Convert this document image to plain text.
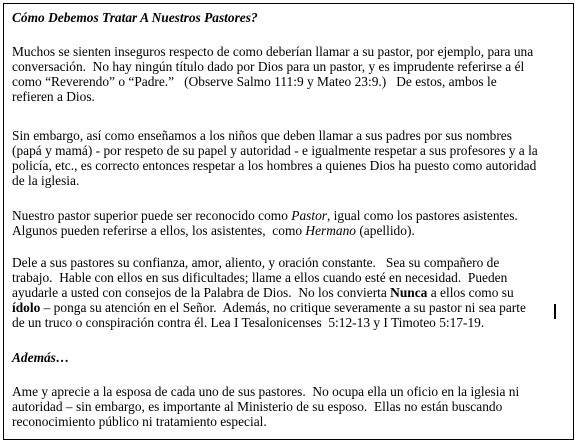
Cómo Debemos Tratar A Nuestros Pastores?
Muchos se sienten inseguros respecto de como deberían llamar a su pastor, por ejemplo, para una
conversación.  No hay ningún título dado por Dios para un pastor, y es imprudente referirse a él
como “Reverendo” o “Padre.”   (Observe Salmo 111:9 y Mateo 23:9.)   De estos, ambos le
refieren a Dios.
Sin embargo, así como enseñamos a los niños que deben llamar a sus padres por sus nombres
(papá y mamá) - por respeto de su papel y autoridad - e igualmente respetar a sus profesores y a la
policía, etc., es correcto entonces respetar a los hombres a quienes Dios ha puesto como autoridad
de la iglesia.
Nuestro pastor superior puede ser reconocido como Pastor, igual como los pastores asistentes.
Algunos pueden referirse a ellos, los asistentes,  como Hermano (apellido).
Dele a sus pastores su confianza, amor, aliento, y oración constante.   Sea su compañero de
trabajo.  Hable con ellos en sus dificultades; llame a ellos cuando esté en necesidad.  Pueden
ayudarle a usted con consejos de la Palabra de Dios.  No los convierta Nunca a ellos como su
ídolo – ponga su atención en el Señor.  Además, no critique severamente a su pastor ni sea parte
de un truco o conspiración contra él. Lea I Tesalonicenses  5:12-13 y I Timoteo 5:17-19.
Además…
Ame y aprecie a la esposa de cada uno de sus pastores.  No ocupa ella un oficio en la iglesia ni
autoridad – sin embargo, es importante al Ministerio de su esposo.  Ellas no están buscando
reconocimiento público ni tratamiento especial.
